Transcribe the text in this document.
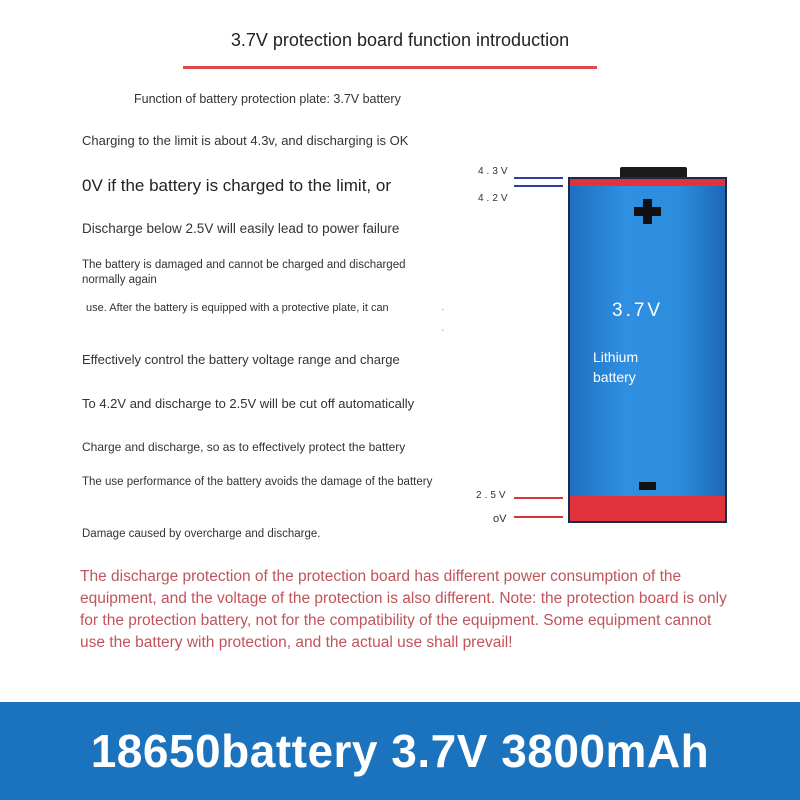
3.7V protection board function introduction
Function of battery protection plate: 3.7V battery
Charging to the limit is about 4.3v, and discharging is OK
0V if the battery is charged to the limit, or
Discharge below 2.5V will easily lead to power failure
The battery is damaged and cannot be charged and discharged normally again
use. After the battery is equipped with a protective plate, it can	ˈ
ˌ
Effectively control the battery voltage range and charge
To 4.2V and discharge to 2.5V will be cut off automatically
Charge and discharge, so as to effectively protect the battery
The use performance of the battery avoids the damage of the battery
Damage caused by overcharge and discharge.
3.7V
Lithium
battery
4.3V
4.2V
2.5V
oV
The discharge protection of the protection board has different power consumption of the equipment, and the voltage of the protection is also different. Note: the protection board is only for the protection battery, not for the compatibility of the equipment. Some equipment cannot use the battery with protection, and the actual use shall prevail!
18650battery 3.7V 3800mAh
